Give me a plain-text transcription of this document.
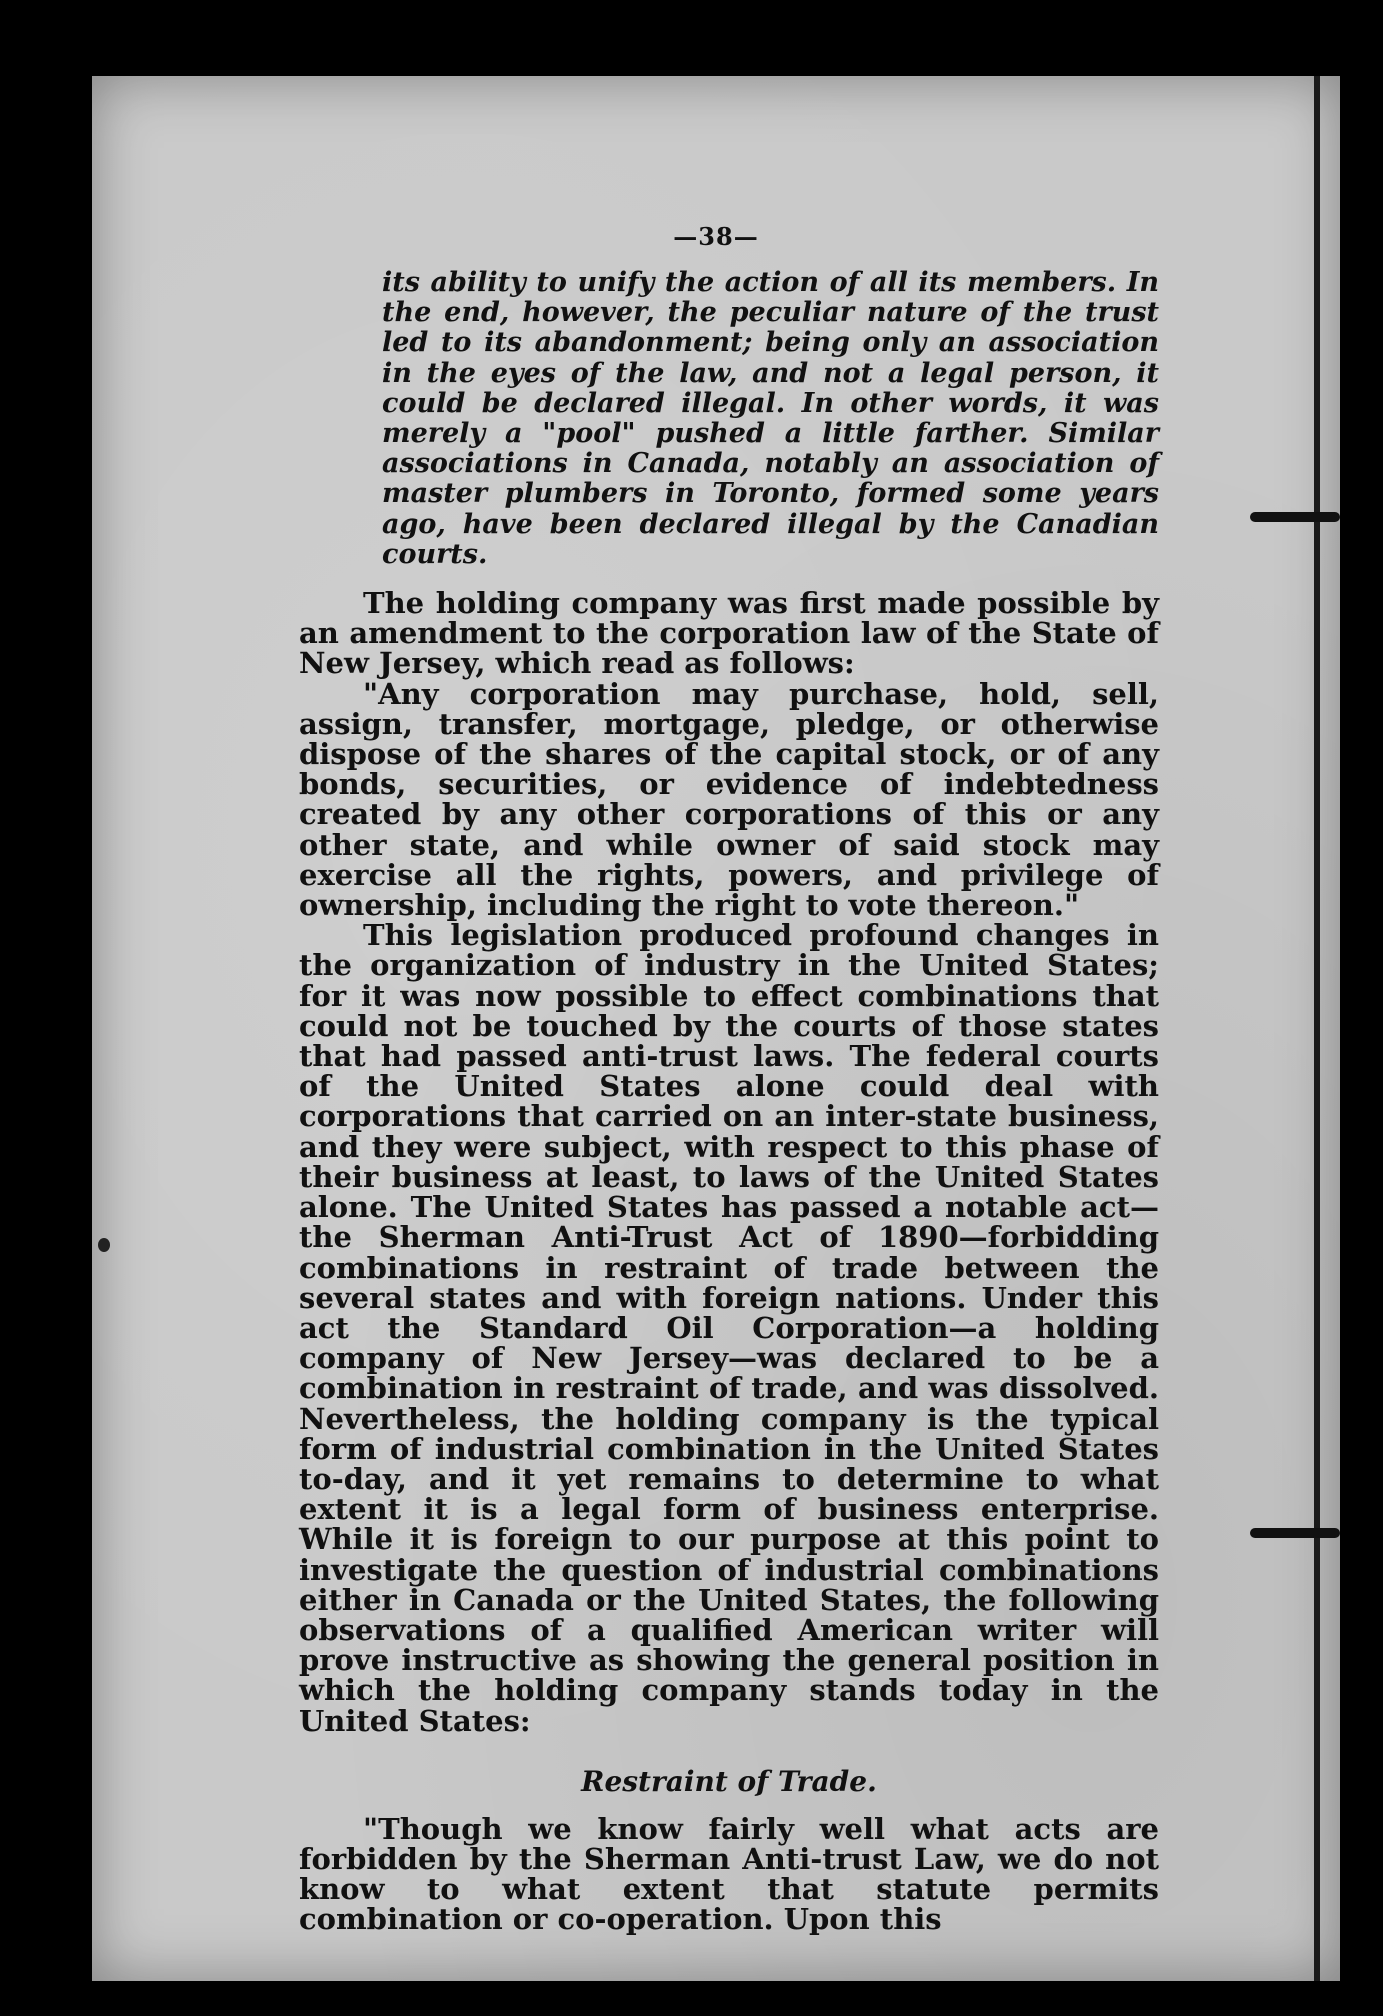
—38—
its ability to unify the action of all its members. In the end, however, the peculiar nature of the trust led to its abandonment; being only an association in the eyes of the law, and not a legal person, it could be declared illegal. In other words, it was merely a "pool" pushed a little farther. Similar associations in Canada, notably an association of master plumbers in Toronto, formed some years ago, have been declared illegal by the Canadian courts.

The holding company was first made possible by an amendment to the corporation law of the State of New Jersey, which read as follows:

"Any corporation may purchase, hold, sell, assign, transfer, mortgage, pledge, or otherwise dispose of the shares of the capital stock, or of any bonds, securities, or evidence of indebtedness created by any other corporations of this or any other state, and while owner of said stock may exercise all the rights, powers, and privilege of ownership, including the right to vote thereon."

This legislation produced profound changes in the organization of industry in the United States; for it was now possible to effect combinations that could not be touched by the courts of those states that had passed anti-trust laws. The federal courts of the United States alone could deal with corporations that carried on an inter-state business, and they were subject, with respect to this phase of their business at least, to laws of the United States alone. The United States has passed a notable act—the Sherman Anti-Trust Act of 1890—forbidding combinations in restraint of trade between the several states and with foreign nations. Under this act the Standard Oil Corporation—a holding company of New Jersey—was declared to be a combination in restraint of trade, and was dissolved. Nevertheless, the holding company is the typical form of industrial combination in the United States to-day, and it yet remains to determine to what extent it is a legal form of business enterprise. While it is foreign to our purpose at this point to investigate the question of industrial combinations either in Canada or the United States, the following observations of a qualified American writer will prove instructive as showing the general position in which the holding company stands today in the United States:

Restraint of Trade.

"Though we know fairly well what acts are forbidden by the Sherman Anti-trust Law, we do not know to what extent that statute permits combination or co-operation. Upon this
